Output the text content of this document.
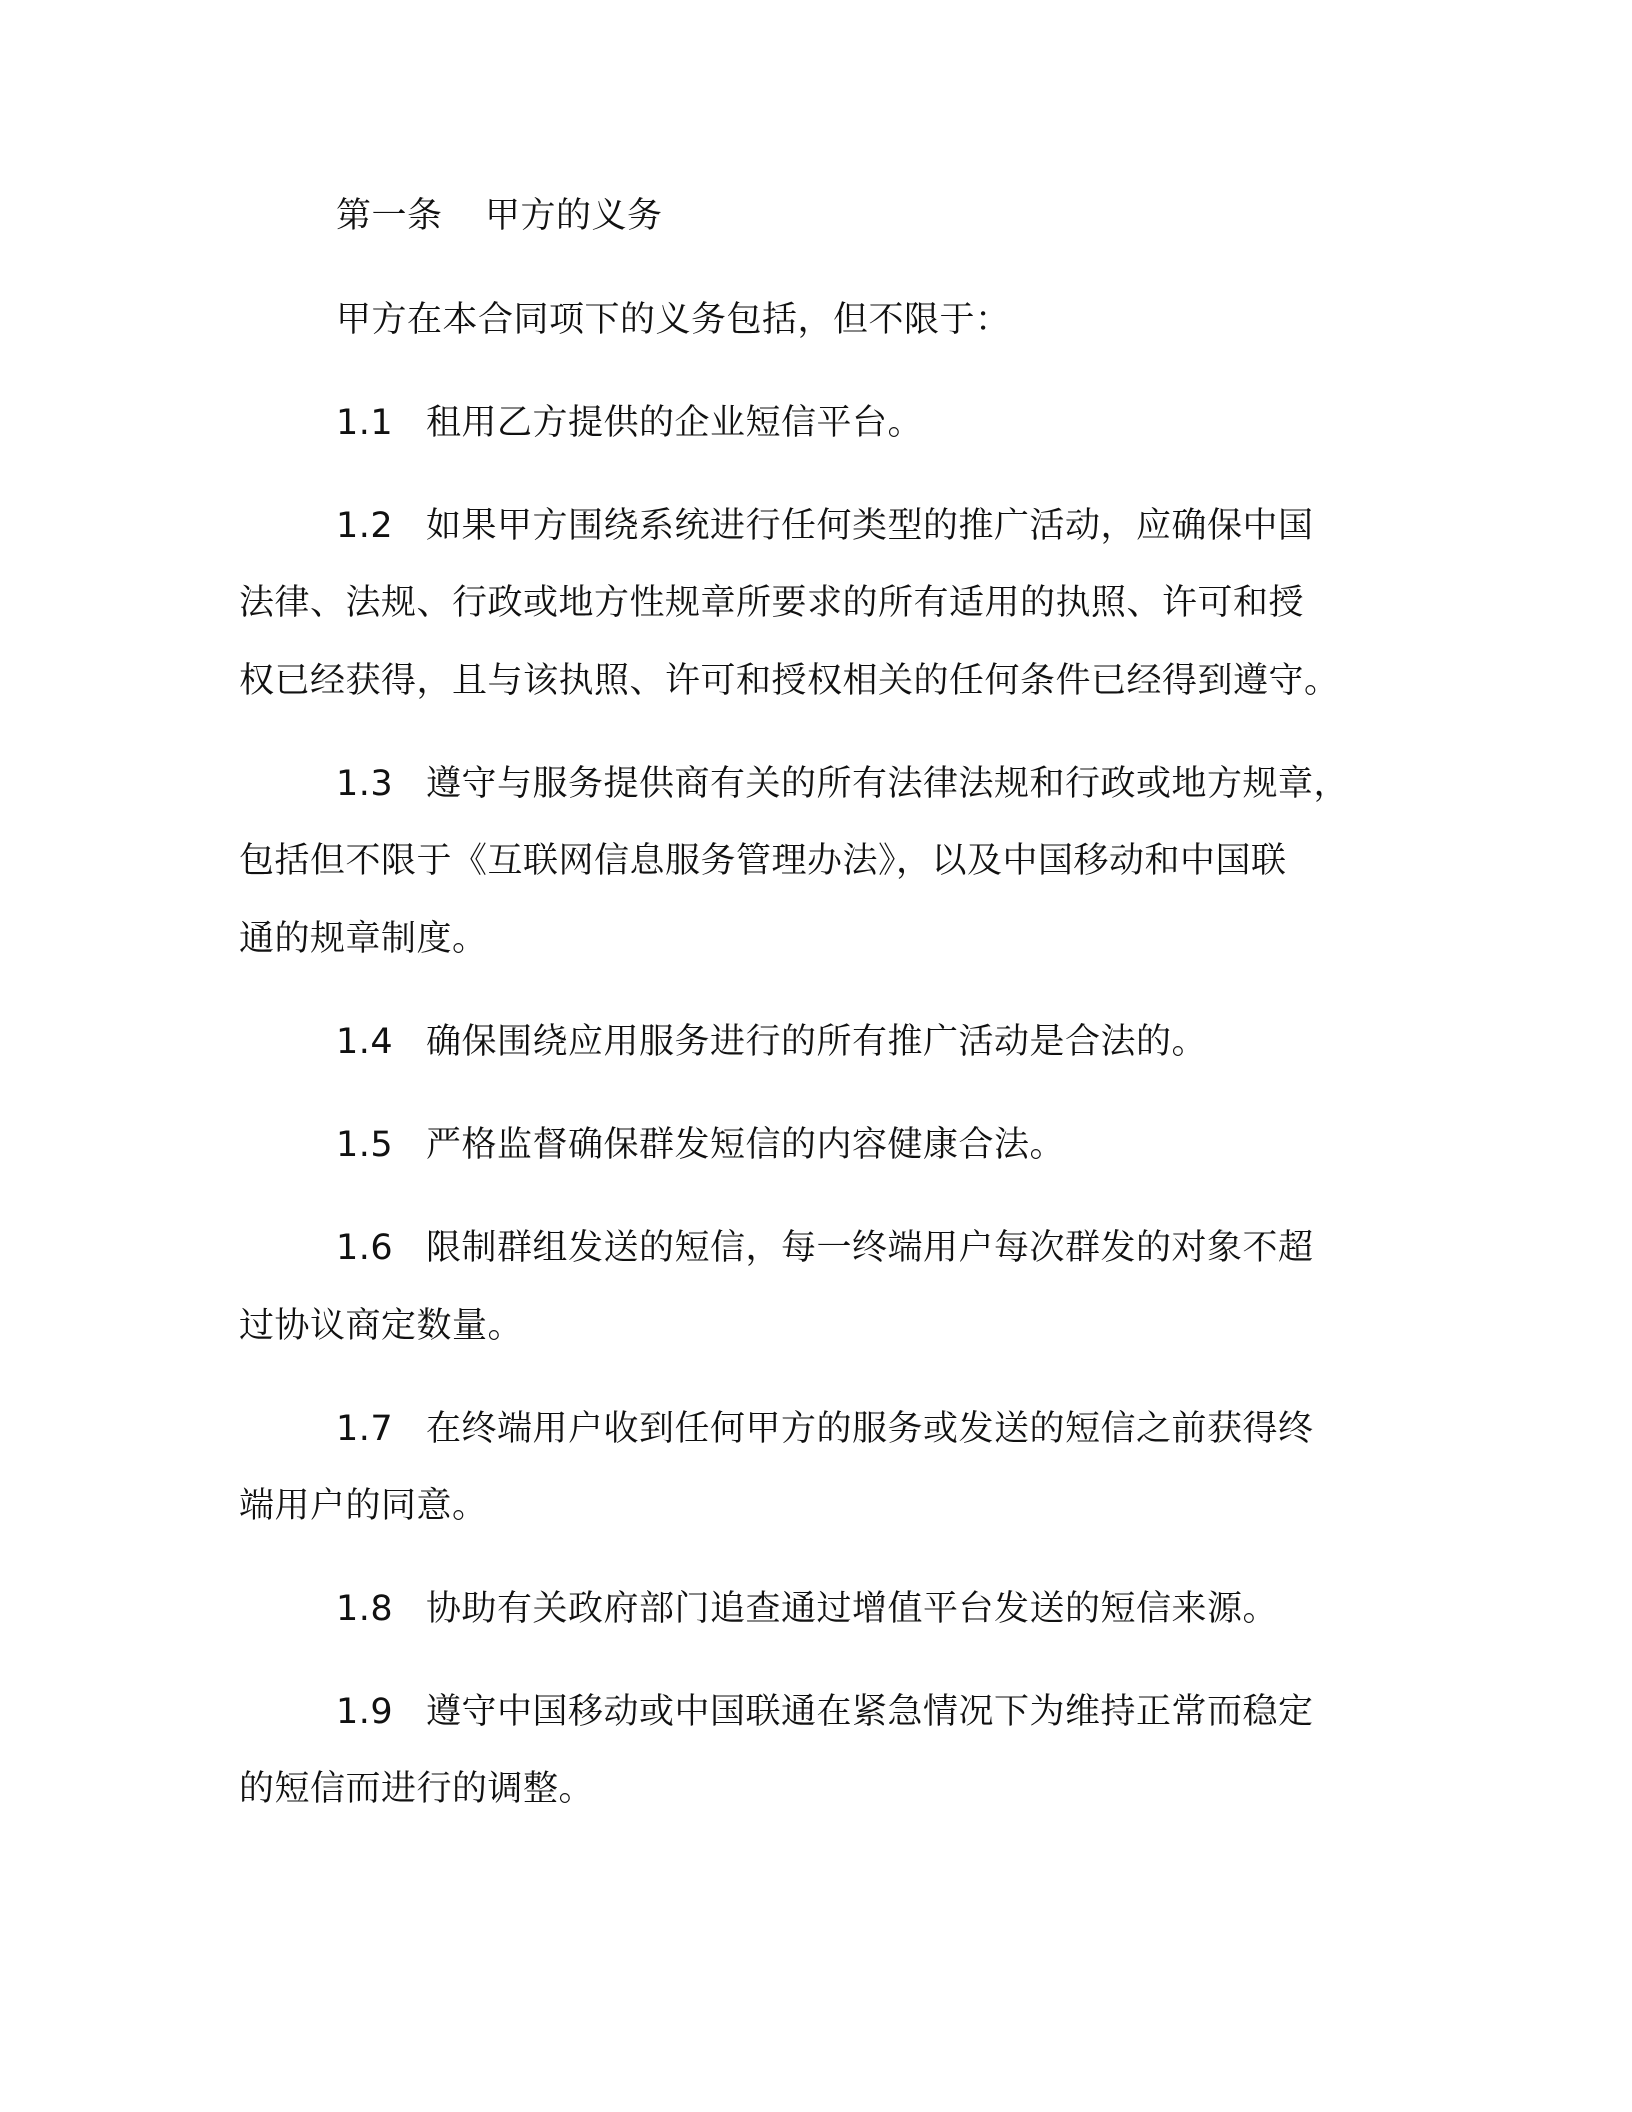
第一条 甲方的义务
甲方在本合同项下的义务包括，但不限于：
1.1 租用乙方提供的企业短信平台。
1.2 如果甲方围绕系统进行任何类型的推广活动，应确保中国
法律、法规、行政或地方性规章所要求的所有适用的执照、许可和授
权已经获得，且与该执照、许可和授权相关的任何条件已经得到遵守。
1.3 遵守与服务提供商有关的所有法律法规和行政或地方规章，
包括但不限于《互联网信息服务管理办法》，以及中国移动和中国联
通的规章制度。
1.4 确保围绕应用服务进行的所有推广活动是合法的。
1.5 严格监督确保群发短信的内容健康合法。
1.6 限制群组发送的短信，每一终端用户每次群发的对象不超
过协议商定数量。
1.7 在终端用户收到任何甲方的服务或发送的短信之前获得终
端用户的同意。
1.8 协助有关政府部门追查通过增值平台发送的短信来源。
1.9 遵守中国移动或中国联通在紧急情况下为维持正常而稳定
的短信而进行的调整。
